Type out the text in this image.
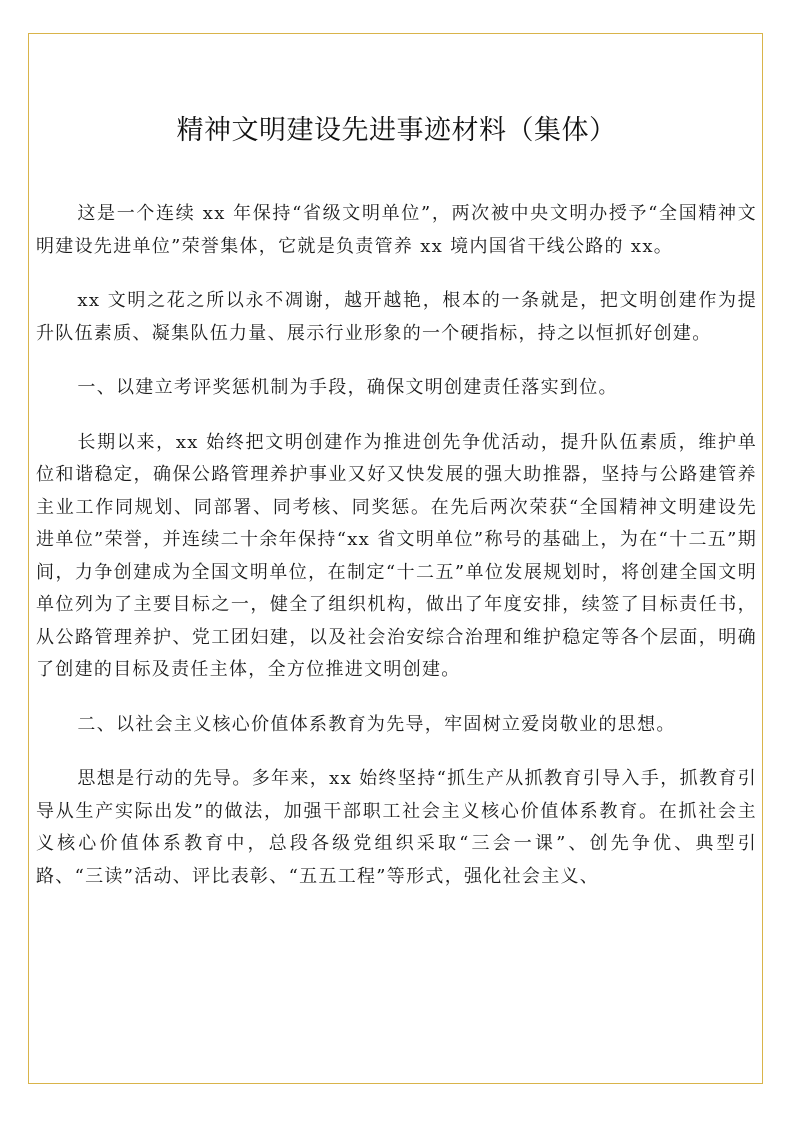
精神文明建设先进事迹材料（集体）

这是一个连续 xx 年保持“省级文明单位”，两次被中央文明办授予“全国精神文明建设先进单位”荣誉集体，它就是负责管养 xx 境内国省干线公路的 xx。

xx 文明之花之所以永不凋谢，越开越艳，根本的一条就是，把文明创建作为提升队伍素质、凝集队伍力量、展示行业形象的一个硬指标，持之以恒抓好创建。

一、以建立考评奖惩机制为手段，确保文明创建责任落实到位。

长期以来，xx 始终把文明创建作为推进创先争优活动，提升队伍素质，维护单位和谐稳定，确保公路管理养护事业又好又快发展的强大助推器，坚持与公路建管养主业工作同规划、同部署、同考核、同奖惩。在先后两次荣获“全国精神文明建设先进单位”荣誉，并连续二十余年保持“xx 省文明单位”称号的基础上，为在“十二五”期间，力争创建成为全国文明单位，在制定“十二五”单位发展规划时，将创建全国文明单位列为了主要目标之一，健全了组织机构，做出了年度安排，续签了目标责任书，从公路管理养护、党工团妇建，以及社会治安综合治理和维护稳定等各个层面，明确了创建的目标及责任主体，全方位推进文明创建。

二、以社会主义核心价值体系教育为先导，牢固树立爱岗敬业的思想。

思想是行动的先导。多年来，xx 始终坚持“抓生产从抓教育引导入手，抓教育引导从生产实际出发”的做法，加强干部职工社会主义核心价值体系教育。在抓社会主义核心价值体系教育中，总段各级党组织采取“三会一课”、创先争优、典型引路、“三读”活动、评比表彰、“五五工程”等形式，强化社会主义、
